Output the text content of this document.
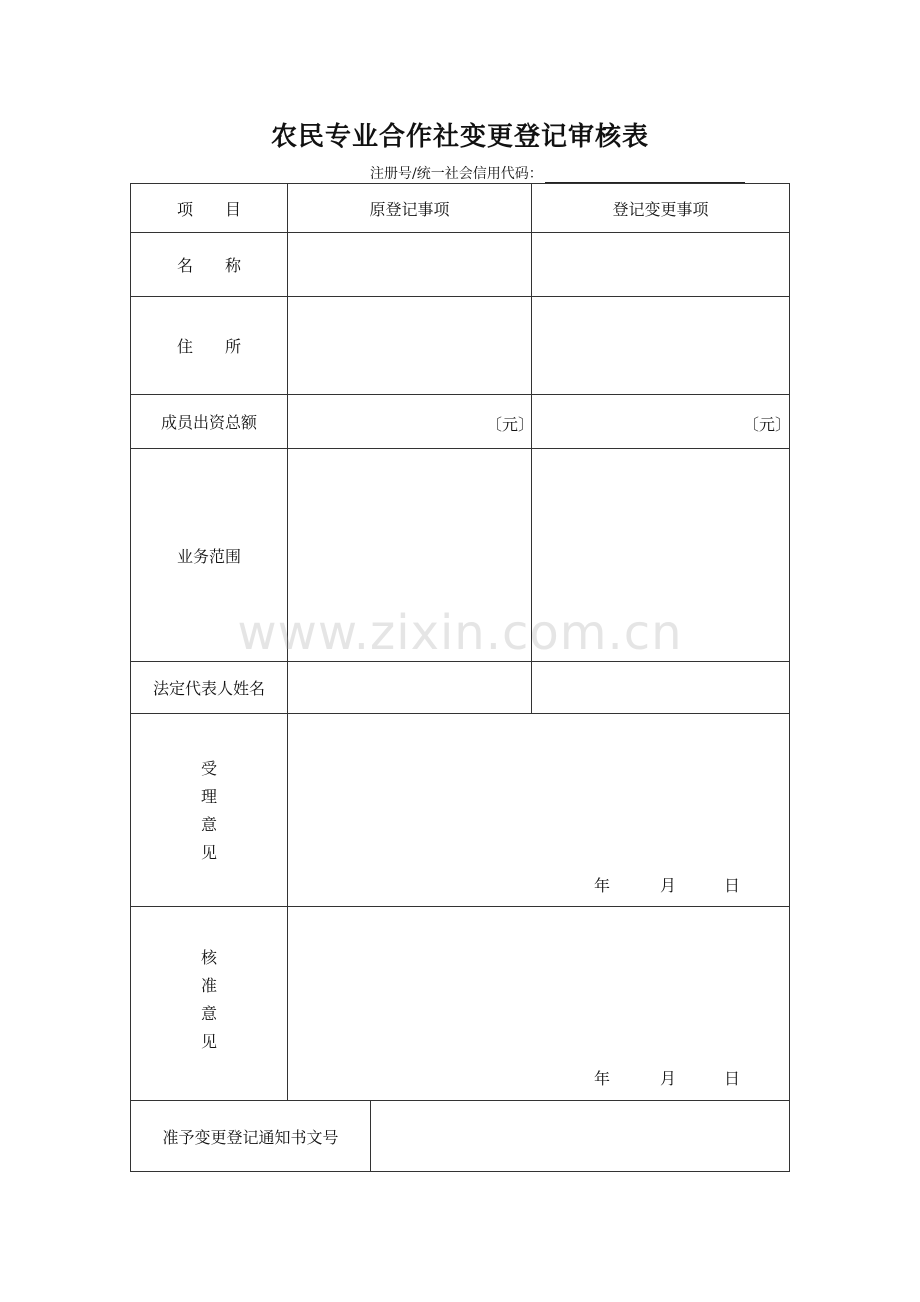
农民专业合作社变更登记审核表
注册号/统一社会信用代码：
项　　目	原登记事项	登记变更事项
名　　称
住　　所
成员出资总额	〔元〕	〔元〕
业务范围
法定代表人姓名
受
理
意
见
年	月	日
核
准
意
见
年	月	日
准予变更登记通知书文号
www.zixin.com.cn
